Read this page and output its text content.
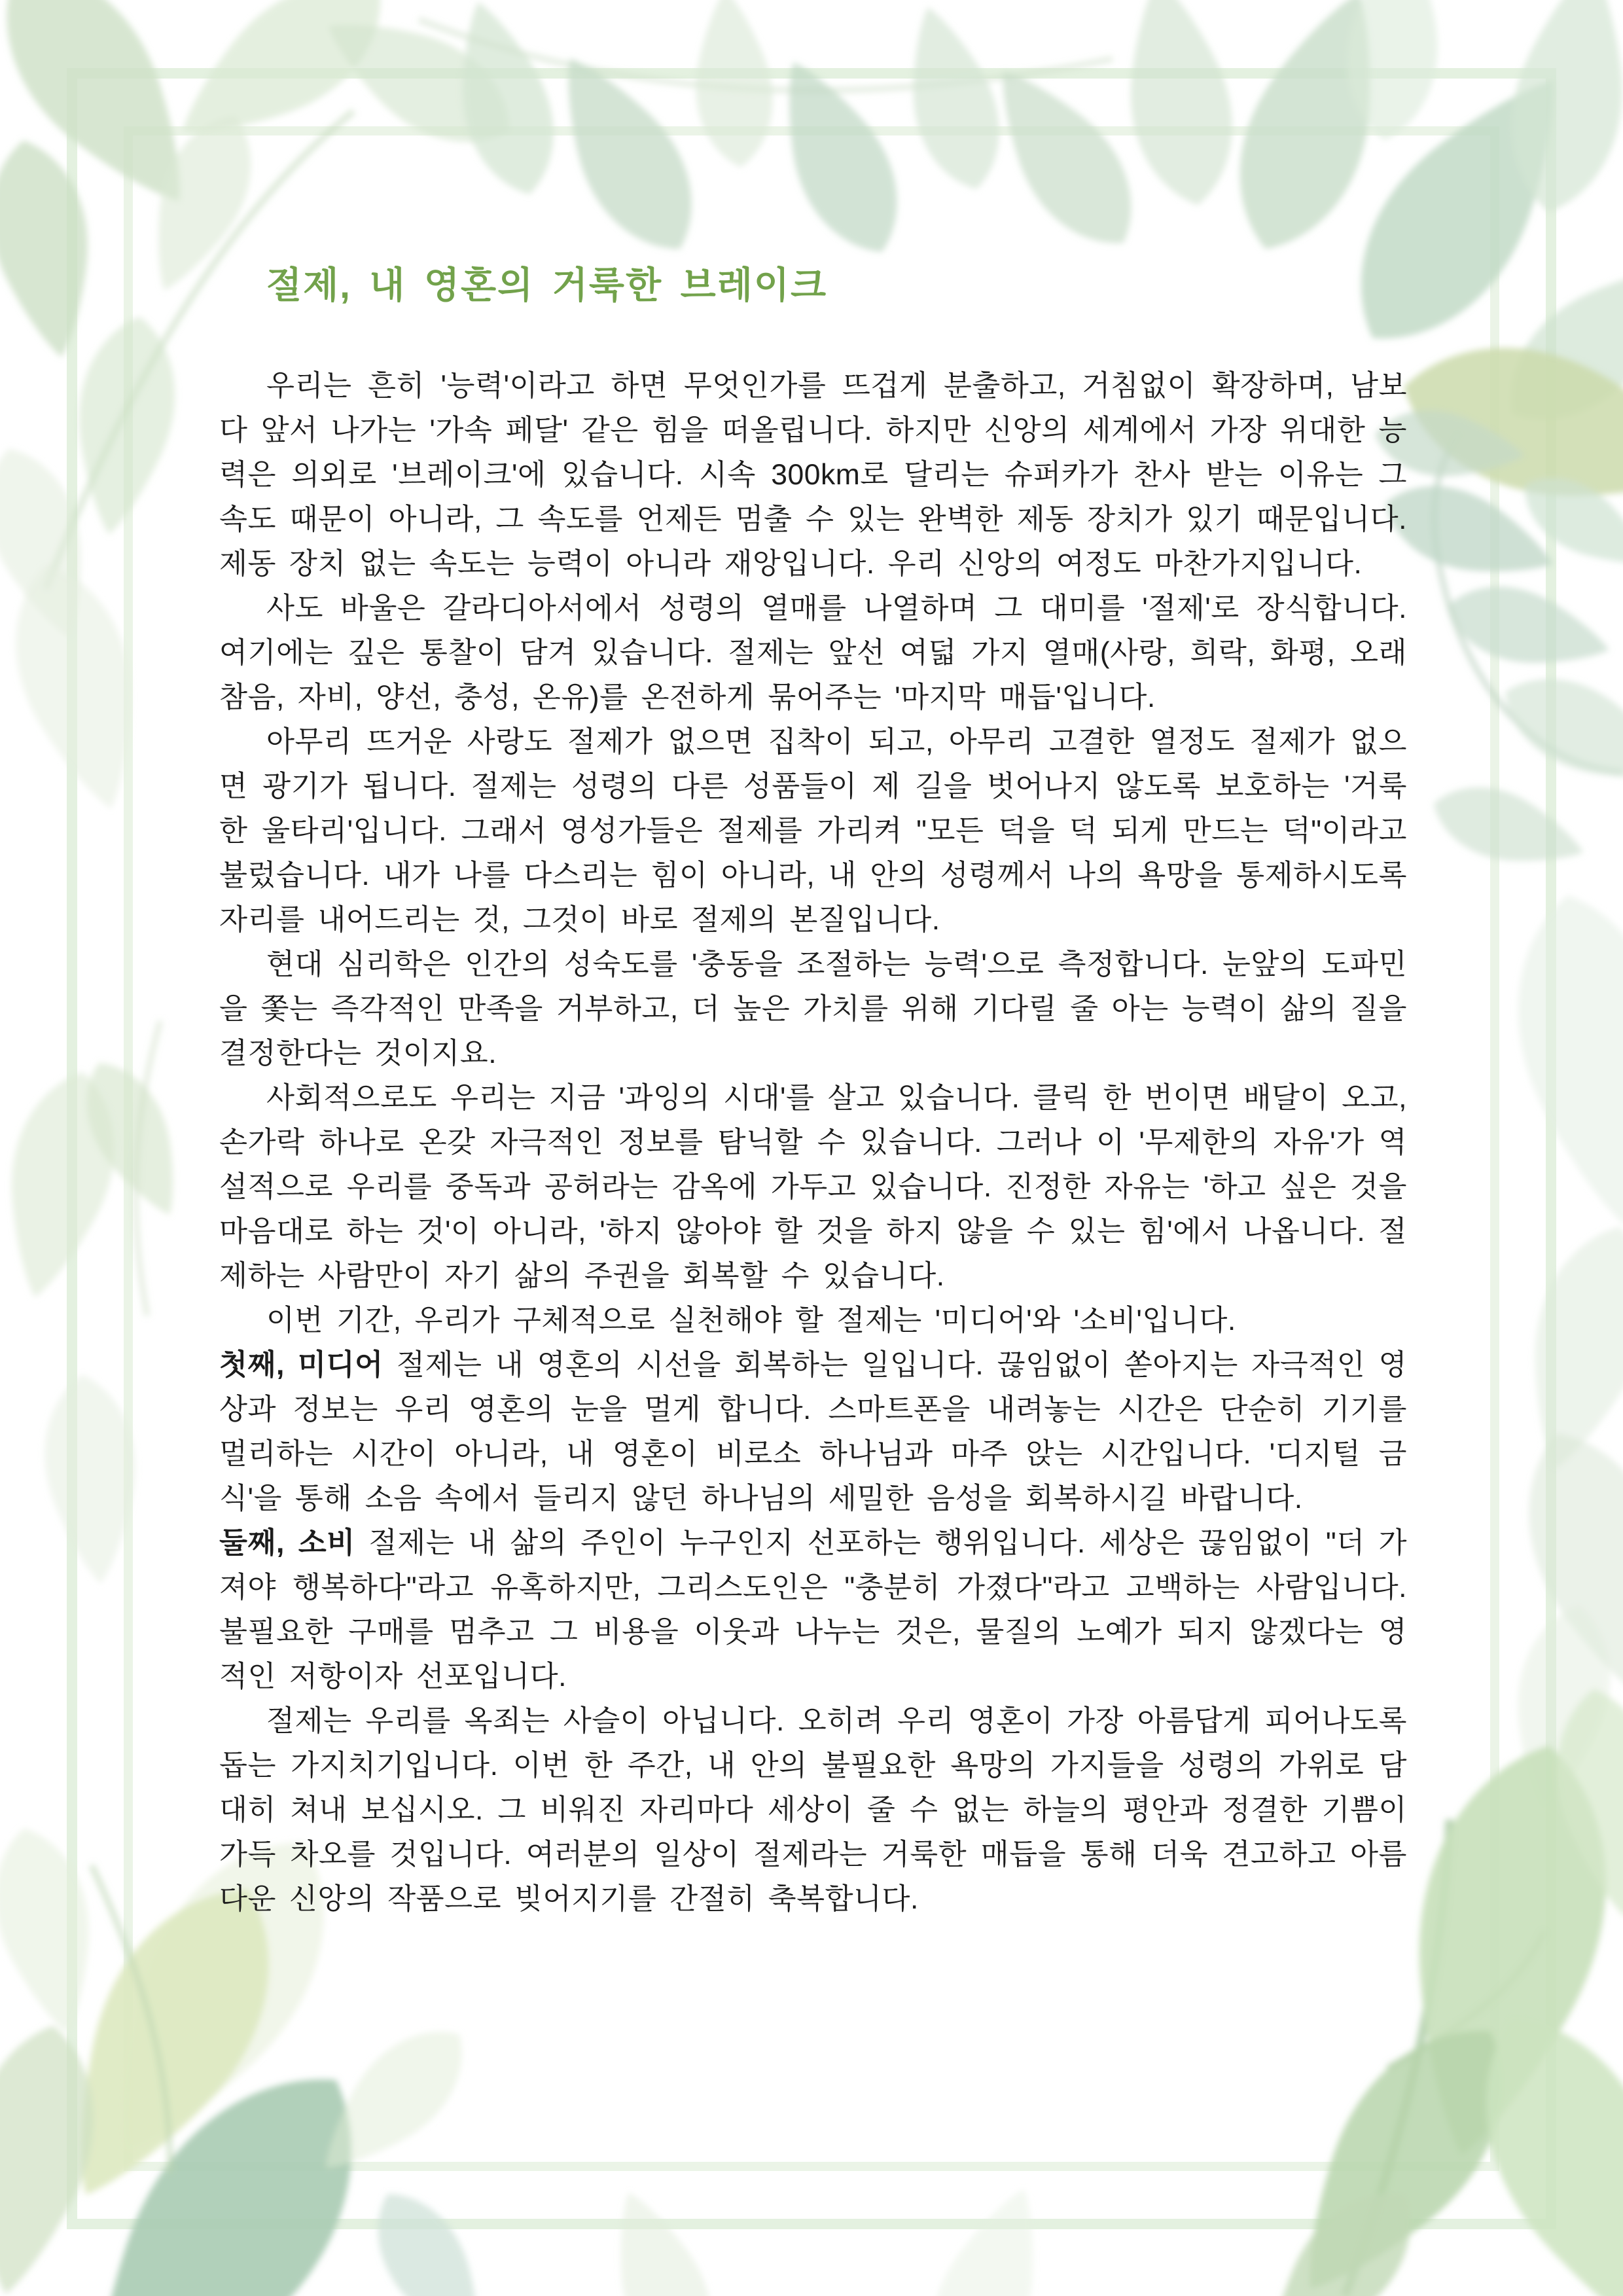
절제, 내 영혼의 거룩한 브레이크

우리는 흔히 '능력'이라고 하면 무엇인가를 뜨겁게 분출하고, 거침없이 확장하며, 남보다 앞서 나가는 '가속 페달' 같은 힘을 떠올립니다. 하지만 신앙의 세계에서 가장 위대한 능력은 의외로 '브레이크'에 있습니다. 시속 300km로 달리는 슈퍼카가 찬사 받는 이유는 그 속도 때문이 아니라, 그 속도를 언제든 멈출 수 있는 완벽한 제동 장치가 있기 때문입니다. 제동 장치 없는 속도는 능력이 아니라 재앙입니다. 우리 신앙의 여정도 마찬가지입니다.

사도 바울은 갈라디아서에서 성령의 열매를 나열하며 그 대미를 '절제'로 장식합니다. 여기에는 깊은 통찰이 담겨 있습니다. 절제는 앞선 여덟 가지 열매(사랑, 희락, 화평, 오래 참음, 자비, 양선, 충성, 온유)를 온전하게 묶어주는 '마지막 매듭'입니다.

아무리 뜨거운 사랑도 절제가 없으면 집착이 되고, 아무리 고결한 열정도 절제가 없으면 광기가 됩니다. 절제는 성령의 다른 성품들이 제 길을 벗어나지 않도록 보호하는 '거룩한 울타리'입니다. 그래서 영성가들은 절제를 가리켜 "모든 덕을 덕 되게 만드는 덕"이라고 불렀습니다. 내가 나를 다스리는 힘이 아니라, 내 안의 성령께서 나의 욕망을 통제하시도록 자리를 내어드리는 것, 그것이 바로 절제의 본질입니다.

현대 심리학은 인간의 성숙도를 '충동을 조절하는 능력'으로 측정합니다. 눈앞의 도파민을 쫓는 즉각적인 만족을 거부하고, 더 높은 가치를 위해 기다릴 줄 아는 능력이 삶의 질을 결정한다는 것이지요.

사회적으로도 우리는 지금 '과잉의 시대'를 살고 있습니다. 클릭 한 번이면 배달이 오고, 손가락 하나로 온갖 자극적인 정보를 탐닉할 수 있습니다. 그러나 이 '무제한의 자유'가 역설적으로 우리를 중독과 공허라는 감옥에 가두고 있습니다. 진정한 자유는 '하고 싶은 것을 마음대로 하는 것'이 아니라, '하지 않아야 할 것을 하지 않을 수 있는 힘'에서 나옵니다. 절제하는 사람만이 자기 삶의 주권을 회복할 수 있습니다.

이번 기간, 우리가 구체적으로 실천해야 할 절제는 '미디어'와 '소비'입니다.

첫째, 미디어 절제는 내 영혼의 시선을 회복하는 일입니다. 끊임없이 쏟아지는 자극적인 영상과 정보는 우리 영혼의 눈을 멀게 합니다. 스마트폰을 내려놓는 시간은 단순히 기기를 멀리하는 시간이 아니라, 내 영혼이 비로소 하나님과 마주 앉는 시간입니다. '디지털 금식'을 통해 소음 속에서 들리지 않던 하나님의 세밀한 음성을 회복하시길 바랍니다.

둘째, 소비 절제는 내 삶의 주인이 누구인지 선포하는 행위입니다. 세상은 끊임없이 "더 가져야 행복하다"라고 유혹하지만, 그리스도인은 "충분히 가졌다"라고 고백하는 사람입니다. 불필요한 구매를 멈추고 그 비용을 이웃과 나누는 것은, 물질의 노예가 되지 않겠다는 영적인 저항이자 선포입니다.

절제는 우리를 옥죄는 사슬이 아닙니다. 오히려 우리 영혼이 가장 아름답게 피어나도록 돕는 가지치기입니다. 이번 한 주간, 내 안의 불필요한 욕망의 가지들을 성령의 가위로 담대히 쳐내 보십시오. 그 비워진 자리마다 세상이 줄 수 없는 하늘의 평안과 정결한 기쁨이 가득 차오를 것입니다. 여러분의 일상이 절제라는 거룩한 매듭을 통해 더욱 견고하고 아름다운 신앙의 작품으로 빚어지기를 간절히 축복합니다.
